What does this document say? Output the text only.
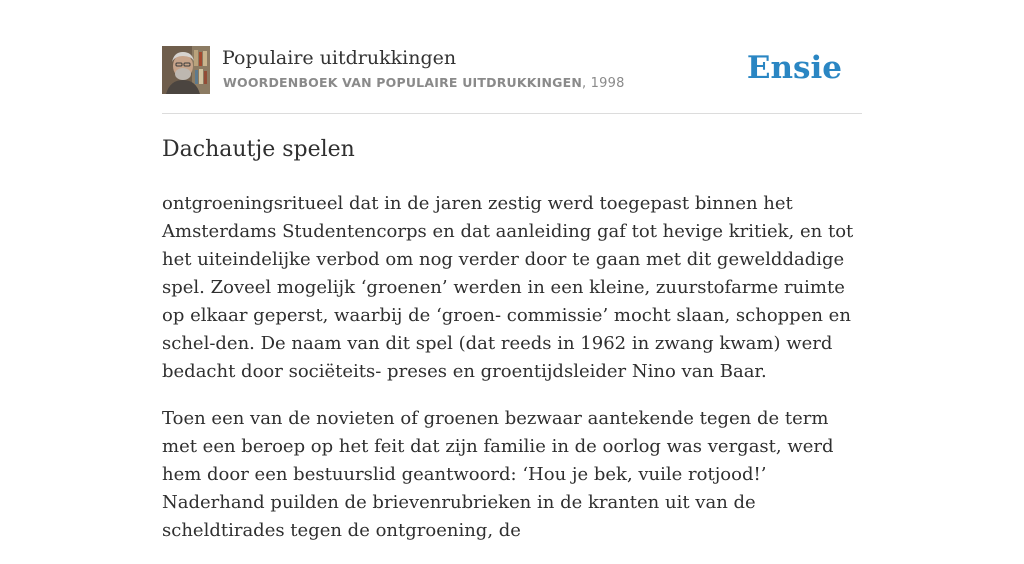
Populaire uitdrukkingen
WOORDENBOEK VAN POPULAIRE UITDRUKKINGEN, 1998	Ensie
Dachautje spelen

ontgroeningsritueel dat in de jaren zestig werd toegepast binnen het Amsterdams Studentencorps en dat aanleiding gaf tot hevige kritiek, en tot het uiteindelijke verbod om nog verder door te gaan met dit gewelddadige spel. Zoveel mogelijk ‘groenen’ werden in een kleine, zuurstofarme ruimte op elkaar geperst, waarbij de ‘groen- commissie’ mocht slaan, schoppen en schel-den. De naam van dit spel (dat reeds in 1962 in zwang kwam) werd bedacht door sociëteits- preses en groentijdsleider Nino van Baar.

Toen een van de novieten of groenen bezwaar aantekende tegen de term met een beroep op het feit dat zijn familie in de oorlog was vergast, werd hem door een bestuurslid geantwoord: ‘Hou je bek, vuile rotjood!’ Naderhand puilden de brievenrubrieken in de kranten uit van de scheldtirades tegen de ontgroening, de
